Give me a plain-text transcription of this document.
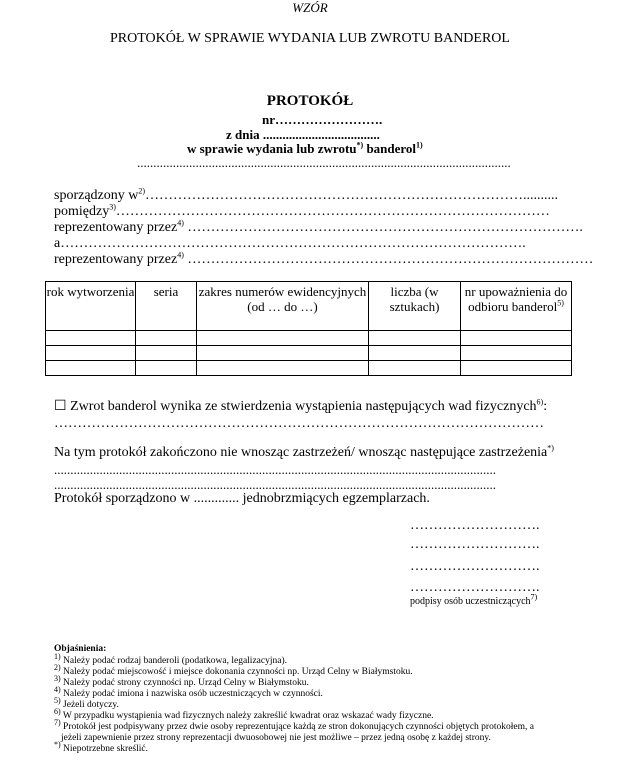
WZÓR
PROTOKÓŁ W SPRAWIE WYDANIA LUB ZWROTU BANDEROL
PROTOKÓŁ
nr…………………….
z dnia ....................................
w sprawie wydania lub zwrotu*) banderol$^{1)}$
...................................................................................................................
sporządzony $w^{2)}\dots\dots\dots\dots\dots\dots\dots\dots\dots\dots\dots\dots\dots\dots\dots\dots\dots\dots\dots\dots\dots\dots\dots\dots\dots\dots\dots$..........
pomiędzy$^{3)}$…………………………………………………………………………………
reprezentowany przez$^{4)}$ ………………………………………………………………………….
a……………………………………………………………………………………….
reprezentowany przez$^{4)}$ ……………………………………………………………………………
rok wytworzenia	seria	zakres numerów ewidencyjnych (od … do …)	liczba (w sztukach)	nr upoważnienia do odbioru banderol$^{5)}$

☐ Zwrot banderol wynika ze stwierdzenia wystąpienia następujących wad fizycznych$^{6)}$:
……………………………………………………………………………………………
Na tym protokół zakończono nie wnosząc zastrzeżeń/ wnosząc następujące zastrzeżenia*)
........................................................................................................................................
........................................................................................................................................
Protokół sporządzono w ............. jednobrzmiących egzemplarzach.
……………………….
……………………….
……………………….
……………………….
podpisy osób uczestniczących$^{7)}$
Objaśnienia:
$^{1)}$ Należy podać rodzaj banderoli (podatkowa, legalizacyjna).
$^{2)}$ Należy podać miejscowość i miejsce dokonania czynności np. Urząd Celny w Białymstoku.
$^{3)}$ Należy podać strony czynności np. Urząd Celny w Białymstoku.
$^{4)}$ Należy podać imiona i nazwiska osób uczestniczących w czynności.
$^{5)}$ Jeżeli dotyczy.
$^{6)}$ W przypadku wystąpienia wad fizycznych należy zakreślić kwadrat oraz wskazać wady fizyczne.
$^{7)}$ Protokół jest podpisywany przez dwie osoby reprezentujące każdą ze stron dokonujących czynności objętych protokołem, a
jeżeli zapewnienie przez strony reprezentacji dwuosobowej nie jest możliwe – przez jedną osobę z każdej strony.
*) Niepotrzebne skreślić.
